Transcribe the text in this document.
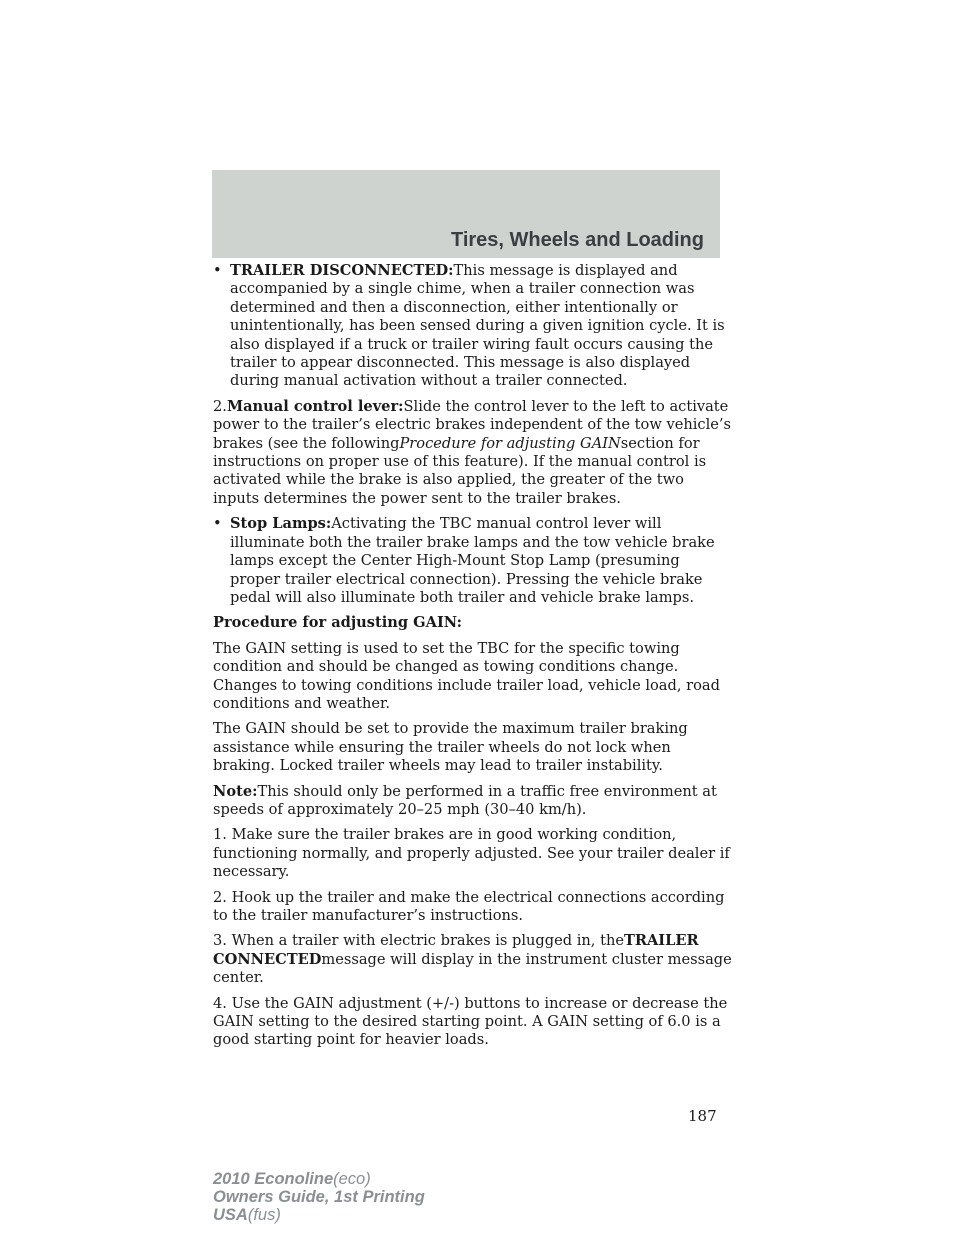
Tires, Wheels and Loading
• TRAILER DISCONNECTED:This message is displayed and accompanied by a single chime, when a trailer connection was determined and then a disconnection, either intentionally or unintentionally, has been sensed during a given ignition cycle. It is also displayed if a truck or trailer wiring fault occurs causing the trailer to appear disconnected. This message is also displayed during manual activation without a trailer connected.

2.Manual control lever:Slide the control lever to the left to activate power to the trailer’s electric brakes independent of the tow vehicle’s brakes (see the followingProcedure for adjusting GAINsection for instructions on proper use of this feature). If the manual control is activated while the brake is also applied, the greater of the two inputs determines the power sent to the trailer brakes.

• Stop Lamps:Activating the TBC manual control lever will illuminate both the trailer brake lamps and the tow vehicle brake lamps except the Center High-Mount Stop Lamp (presuming proper trailer electrical connection). Pressing the vehicle brake pedal will also illuminate both trailer and vehicle brake lamps.

Procedure for adjusting GAIN:

The GAIN setting is used to set the TBC for the specific towing condition and should be changed as towing conditions change. Changes to towing conditions include trailer load, vehicle load, road conditions and weather.

The GAIN should be set to provide the maximum trailer braking assistance while ensuring the trailer wheels do not lock when braking. Locked trailer wheels may lead to trailer instability.

Note:This should only be performed in a traffic free environment at speeds of approximately 20–25 mph (30–40 km/h).

1. Make sure the trailer brakes are in good working condition, functioning normally, and properly adjusted. See your trailer dealer if necessary.

2. Hook up the trailer and make the electrical connections according to the trailer manufacturer’s instructions.

3. When a trailer with electric brakes is plugged in, theTRAILER CONNECTEDmessage will display in the instrument cluster message center.

4. Use the GAIN adjustment (+/-) buttons to increase or decrease the GAIN setting to the desired starting point. A GAIN setting of 6.0 is a good starting point for heavier loads.

187
2010 Econoline(eco)
Owners Guide, 1st Printing
USA(fus)
